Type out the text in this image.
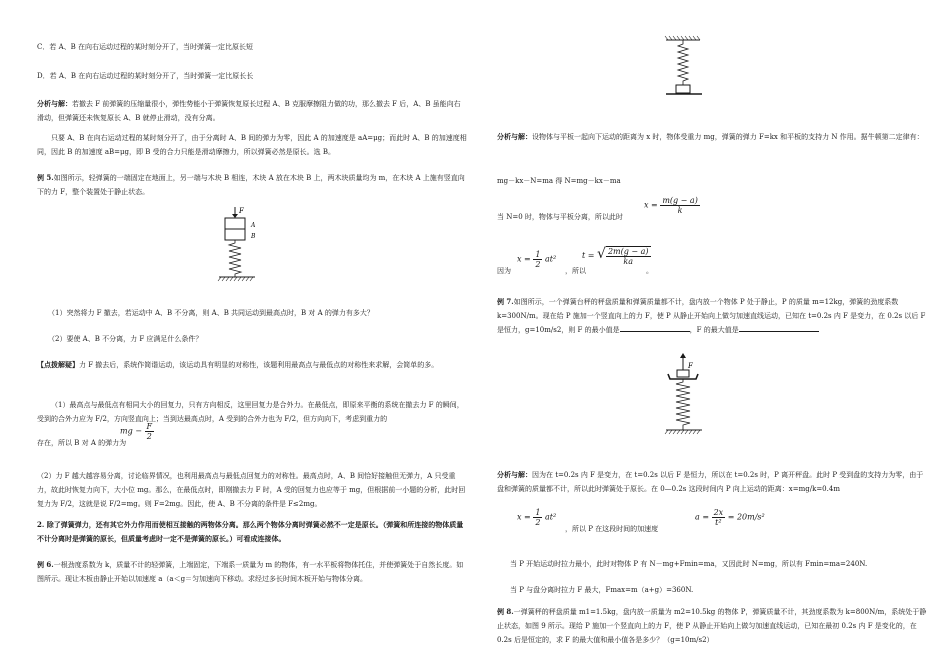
C．若 A、B 在向右运动过程的某时刻分开了，当时弹簧一定比原长短

D．若 A、B 在向右运动过程的某时刻分开了，当时弹簧一定比原长长

分析与解：若撤去 F 前弹簧的压缩量很小，弹性势能小于弹簧恢复原长过程 A、B 克服摩擦阻力做的功，那么撤去 F 后，A、B 虽能向右滑动，但弹簧还未恢复原长 A、B 就停止滑动，没有分离。

只要 A、B 在向右运动过程的某时刻分开了，由于分离时 A、B 间的弹力为零，因此 A 的加速度是 aA=μg；而此时 A、B 的加速度相同，因此 B 的加速度 aB=μg，即 B 受的合力只能是滑动摩擦力，所以弹簧必然是原长。选 B。

例 5.如图所示，轻弹簧的一端固定在地面上，另一端与木块 B 相连，木块 A 放在木块 B 上，两木块质量均为 m，在木块 A 上施有竖直向下的力 F，整个装置处于静止状态。

F
A
B

（1）突然将力 F 撤去，若运动中 A、B 不分离，则 A、B 共同运动到最高点时，B 对 A 的弹力有多大？

（2）要使 A、B 不分离，力 F 应满足什么条件？

【点拨解疑】力 F 撤去后，系统作简谐运动，该运动具有明显的对称性，该题利用最高点与最低点的对称性来求解，会简单的多。

（1）最高点与最低点有相同大小的回复力，只有方向相反，这里回复力是合外力。在最低点，即原来平衡的系统在撤去力 F 的瞬间，受到的合外力应为 F/2，方向竖直向上；当到达最高点时，A 受到的合外力也为 F/2，但方向向下，考虑到重力的

存在，所以 B 对 A 的弹力为

mg − $\frac{F}{2}$

（2）力 F 越大越容易分离，讨论临界情况，也利用最高点与最低点回复力的对称性。最高点时，A、B 间恰好接触但无弹力，A 只受重力，故此时恢复力向下，大小位 mg。那么，在最低点时，即刚撤去力 F 时，A 受的回复力也应等于 mg，但根据前一小题的分析，此时回复力为 F/2，这就是说 F/2=mg。则 F=2mg。因此，使 A、B 不分离的条件是 F≤2mg。

2. 除了弹簧弹力，还有其它外力作用而使相互接触的两物体分离。那么两个物体分离时弹簧必然不一定是原长。（弹簧和所连接的物体质量不计分离时是弹簧的原长，但质量考虑时一定不是弹簧的原长。）可看成连接体。

例 6.一根劲度系数为 k，质量不计的轻弹簧，上端固定，下端系一质量为 m 的物体，有一水平板将物体托住，并使弹簧处于自然长度。如图所示。现让木板由静止开始以加速度 a（a＜g＝匀加速向下移动。求经过多长时间木板开始与物体分离。

分析与解：设物体与平板一起向下运动的距离为 x 时，物体受重力 mg，弹簧的弹力 F=kx 和平板的支持力 N 作用。据牛顿第二定律有：

mg－kx－N=ma 得 N=mg－kx－ma

当 N=0 时，物体与平板分离，所以此时

$x = \frac{m(g - a)}{k}$

因为

$x = \frac{1}{2} at^2$

，所以

t = √ $\frac{2m(g - a)}{ka}$

。

例 7.如图所示，一个弹簧台秤的秤盘质量和弹簧质量都不计，盘内放一个物体 P 处于静止，P 的质量 m=12kg，弹簧的劲度系数 k=300N/m。现在给 P 施加一个竖直向上的力 F，使 P 从静止开始向上做匀加速直线运动，已知在 t=0.2s 内 F 是变力，在 0.2s 以后 F 是恒力，g=10m/s2，则 F 的最小值是	，F 的最大值是

F

分析与解：因为在 t=0.2s 内 F 是变力，在 t=0.2s 以后 F 是恒力，所以在 t=0.2s 时，P 离开秤盘。此时 P 受到盘的支持力为零，由于盘和弹簧的质量都不计，所以此时弹簧处于原长。在 0—0.2s 这段时间内 P 向上运动的距离：x=mg/k=0.4m

$x = \frac{1}{2} at^2$

，所以 P 在这段时间的加速度

$a = \frac{2x}{\text{t²}} = 20m/s^2$

当 P 开始运动时拉力最小，此时对物体 P 有 N－mg+Fmin=ma，又因此时 N=mg，所以有 Fmin=ma=240N.

当 P 与盘分离时拉力 F 最大，Fmax=m（a+g）=360N.

例 8.一弹簧秤的秤盘质量 m1=1.5kg，盘内放一质量为 m2=10.5kg 的物体 P，弹簧质量不计，其劲度系数为 k=800N/m，系统处于静止状态，如图 9 所示。现给 P 施加一个竖直向上的力 F，使 P 从静止开始向上做匀加速直线运动，已知在最初 0.2s 内 F 是变化的，在 0.2s 后是恒定的，求 F 的最大值和最小值各是多少？（g=10m/s2）
